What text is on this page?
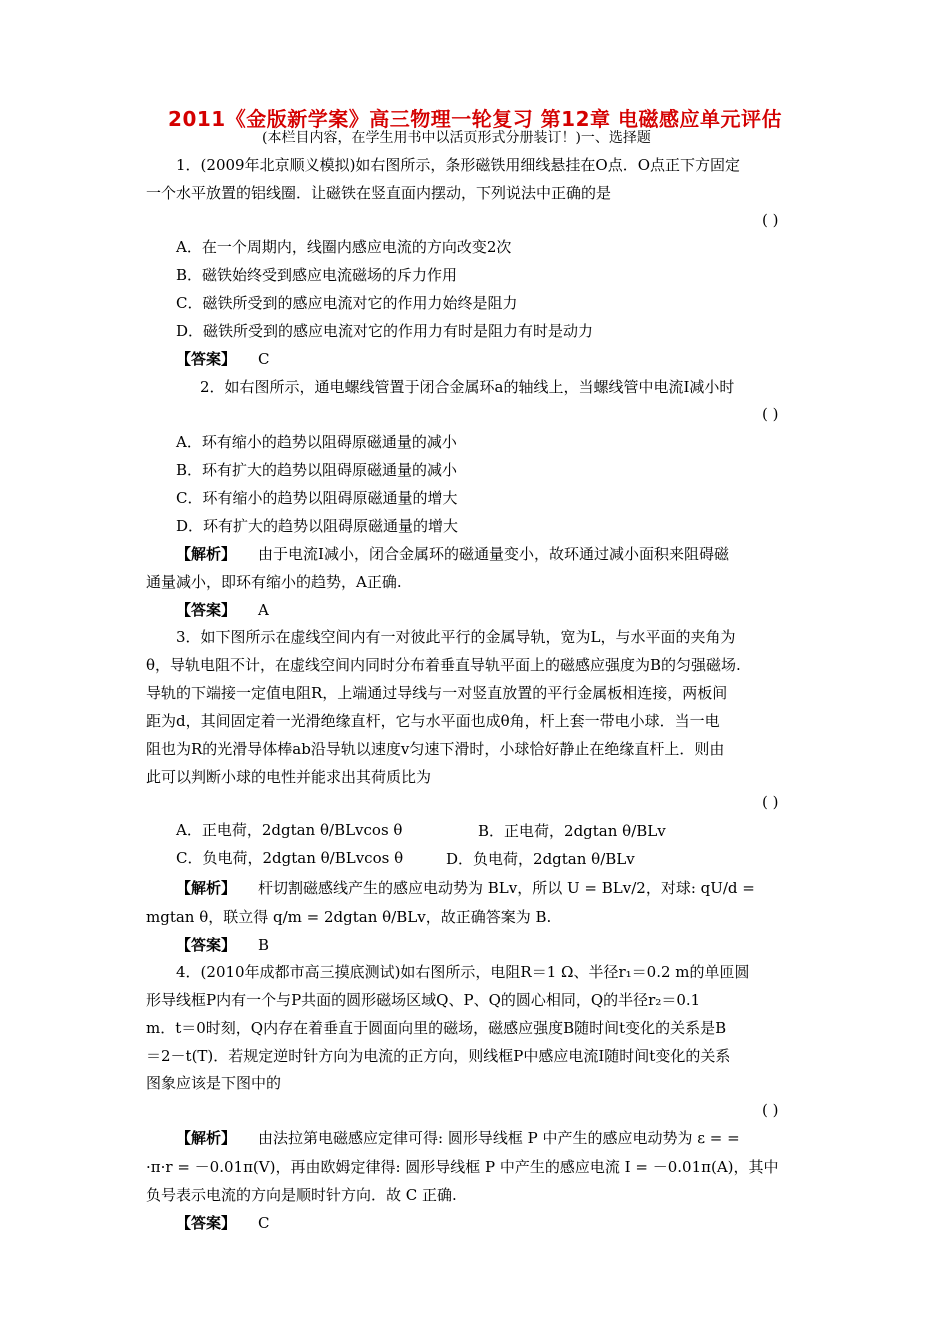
2011《金版新学案》高三物理一轮复习 第12章 电磁感应单元评估
(本栏目内容，在学生用书中以活页形式分册装订！)一、选择题
1．(2009年北京顺义模拟)如右图所示，条形磁铁用细线悬挂在O点．O点正下方固定
一个水平放置的铝线圈．让磁铁在竖直面内摆动，下列说法中正确的是
( )
A．在一个周期内，线圈内感应电流的方向改变2次
B．磁铁始终受到感应电流磁场的斥力作用
C．磁铁所受到的感应电流对它的作用力始终是阻力
D．磁铁所受到的感应电流对它的作用力有时是阻力有时是动力
【答案】 C
2．如右图所示，通电螺线管置于闭合金属环a的轴线上，当螺线管中电流I减小时
( )
A．环有缩小的趋势以阻碍原磁通量的减小
B．环有扩大的趋势以阻碍原磁通量的减小
C．环有缩小的趋势以阻碍原磁通量的增大
D．环有扩大的趋势以阻碍原磁通量的增大
【解析】 由于电流I减小，闭合金属环的磁通量变小，故环通过减小面积来阻碍磁
通量减小，即环有缩小的趋势，A正确.
【答案】 A
3．如下图所示在虚线空间内有一对彼此平行的金属导轨，宽为L，与水平面的夹角为
θ，导轨电阻不计，在虚线空间内同时分布着垂直导轨平面上的磁感应强度为B的匀强磁场.
导轨的下端接一定值电阻R，上端通过导线与一对竖直放置的平行金属板相连接，两板间
距为d，其间固定着一光滑绝缘直杆，它与水平面也成θ角，杆上套一带电小球．当一电
阻也为R的光滑导体棒ab沿导轨以速度v匀速下滑时，小球恰好静止在绝缘直杆上．则由
此可以判断小球的电性并能求出其荷质比为
( )
A．正电荷，2dgtan θ/BLvcos θ	B．正电荷，2dgtan θ/BLv
C．负电荷，2dgtan θ/BLvcos θ	D．负电荷，2dgtan θ/BLv
【解析】 杆切割磁感线产生的感应电动势为 BLv，所以 U = BLv/2，对球: qU/d =
mgtan θ，联立得 q/m = 2dgtan θ/BLv，故正确答案为 B.
【答案】 B
4．(2010年成都市高三摸底测试)如右图所示，电阻R＝1 Ω、半径r₁＝0.2 m的单匝圆
形导线框P内有一个与P共面的圆形磁场区域Q、P、Q的圆心相同，Q的半径r₂＝0.1
m．t＝0时刻，Q内存在着垂直于圆面向里的磁场，磁感应强度B随时间t变化的关系是B
＝2－t(T)．若规定逆时针方向为电流的正方向，则线框P中感应电流I随时间t变化的关系
图象应该是下图中的
( )
【解析】 由法拉第电磁感应定律可得: 圆形导线框 P 中产生的感应电动势为 ε = =
·π·r = －0.01π(V)，再由欧姆定律得: 圆形导线框 P 中产生的感应电流 I = －0.01π(A)，其中
负号表示电流的方向是顺时针方向．故 C 正确.
【答案】 C
